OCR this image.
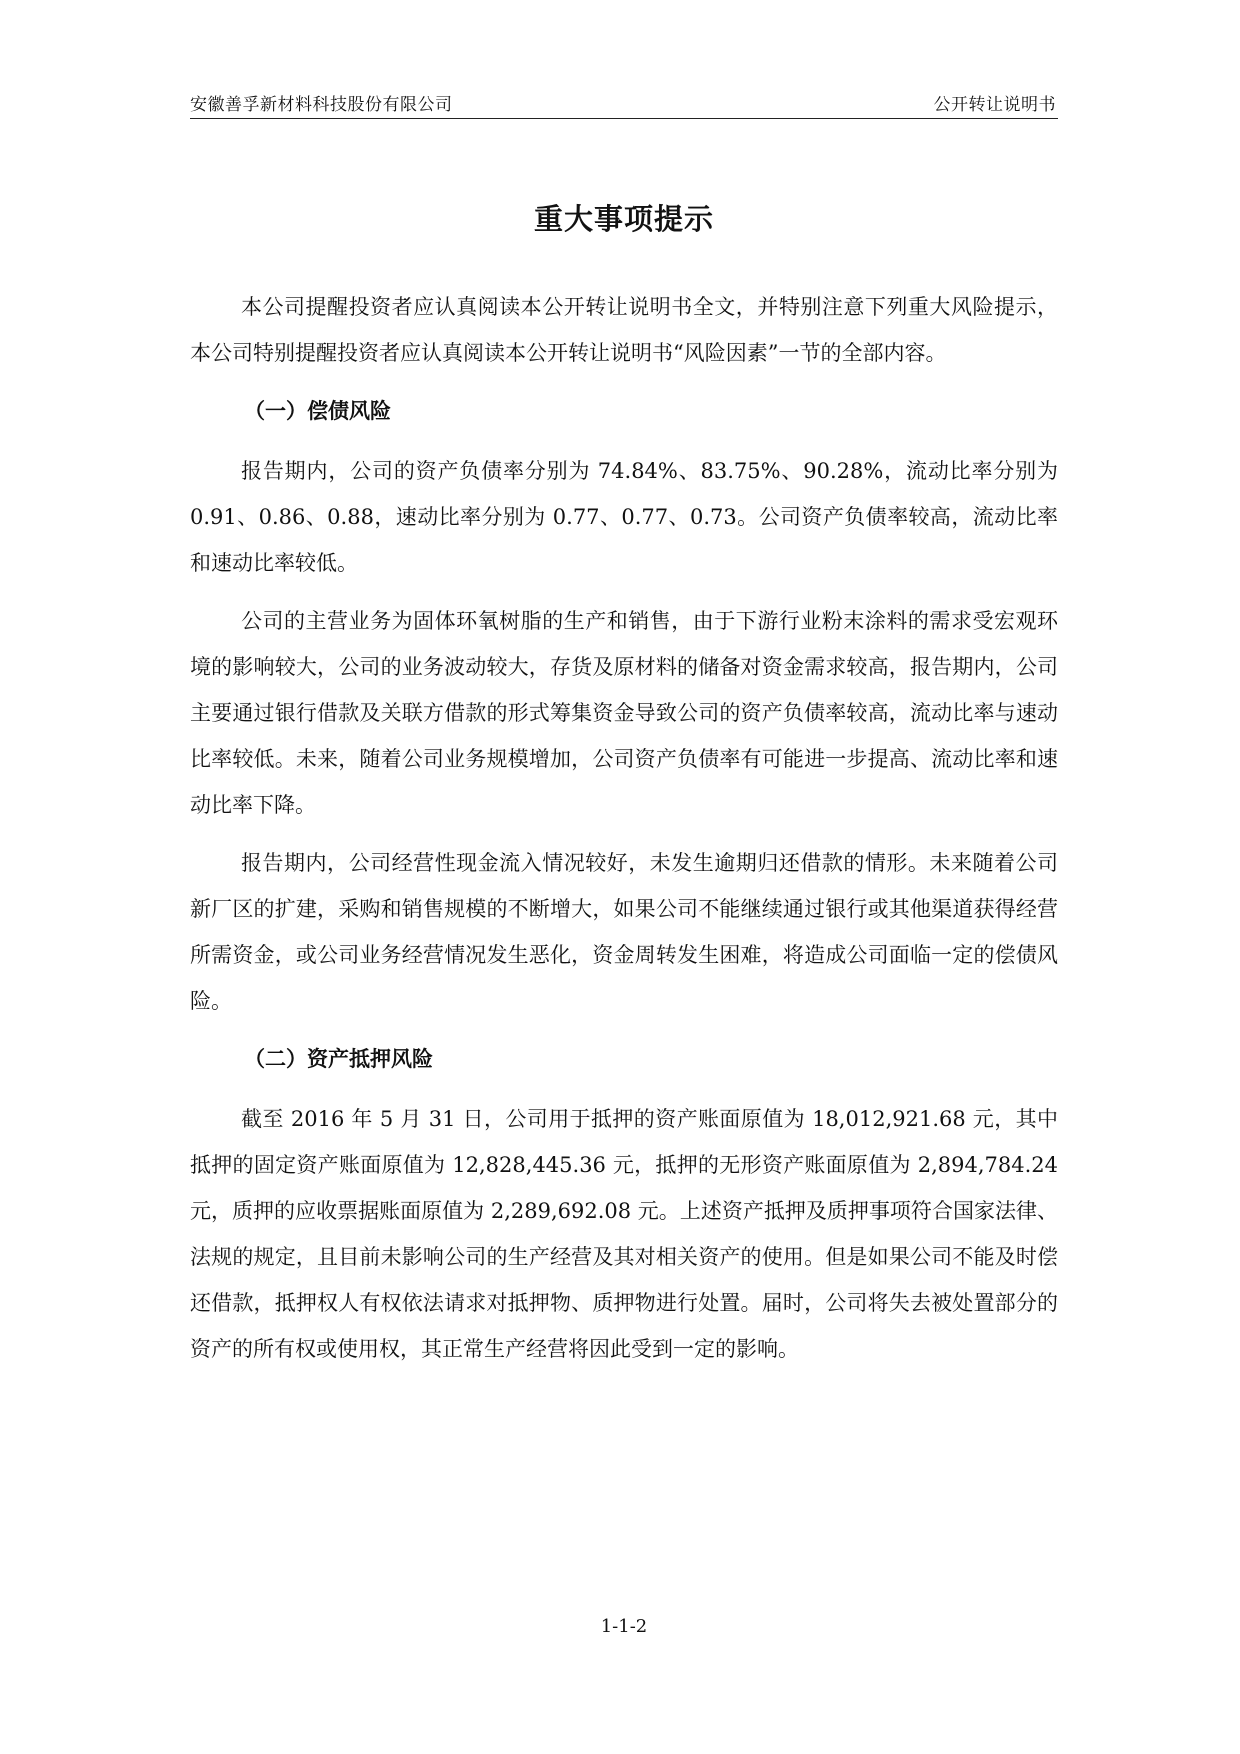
安徽善孚新材料科技股份有限公司	公开转让说明书
重大事项提示

本公司提醒投资者应认真阅读本公开转让说明书全文，并特别注意下列重大风险提示，本公司特别提醒投资者应认真阅读本公开转让说明书“风险因素”一节的全部内容。

（一）偿债风险

报告期内，公司的资产负债率分别为 74.84%、83.75%、90.28%，流动比率分别为 0.91、0.86、0.88，速动比率分别为 0.77、0.77、0.73。公司资产负债率较高，流动比率和速动比率较低。

公司的主营业务为固体环氧树脂的生产和销售，由于下游行业粉末涂料的需求受宏观环境的影响较大，公司的业务波动较大，存货及原材料的储备对资金需求较高，报告期内，公司主要通过银行借款及关联方借款的形式筹集资金导致公司的资产负债率较高，流动比率与速动比率较低。未来，随着公司业务规模增加，公司资产负债率有可能进一步提高、流动比率和速动比率下降。

报告期内，公司经营性现金流入情况较好，未发生逾期归还借款的情形。未来随着公司新厂区的扩建，采购和销售规模的不断增大，如果公司不能继续通过银行或其他渠道获得经营所需资金，或公司业务经营情况发生恶化，资金周转发生困难，将造成公司面临一定的偿债风险。

（二）资产抵押风险

截至 2016 年 5 月 31 日，公司用于抵押的资产账面原值为 18,012,921.68 元，其中抵押的固定资产账面原值为 12,828,445.36 元，抵押的无形资产账面原值为 2,894,784.24 元，质押的应收票据账面原值为 2,289,692.08 元。上述资产抵押及质押事项符合国家法律、法规的规定，且目前未影响公司的生产经营及其对相关资产的使用。但是如果公司不能及时偿还借款，抵押权人有权依法请求对抵押物、质押物进行处置。届时，公司将失去被处置部分的资产的所有权或使用权，其正常生产经营将因此受到一定的影响。

1-1-2
